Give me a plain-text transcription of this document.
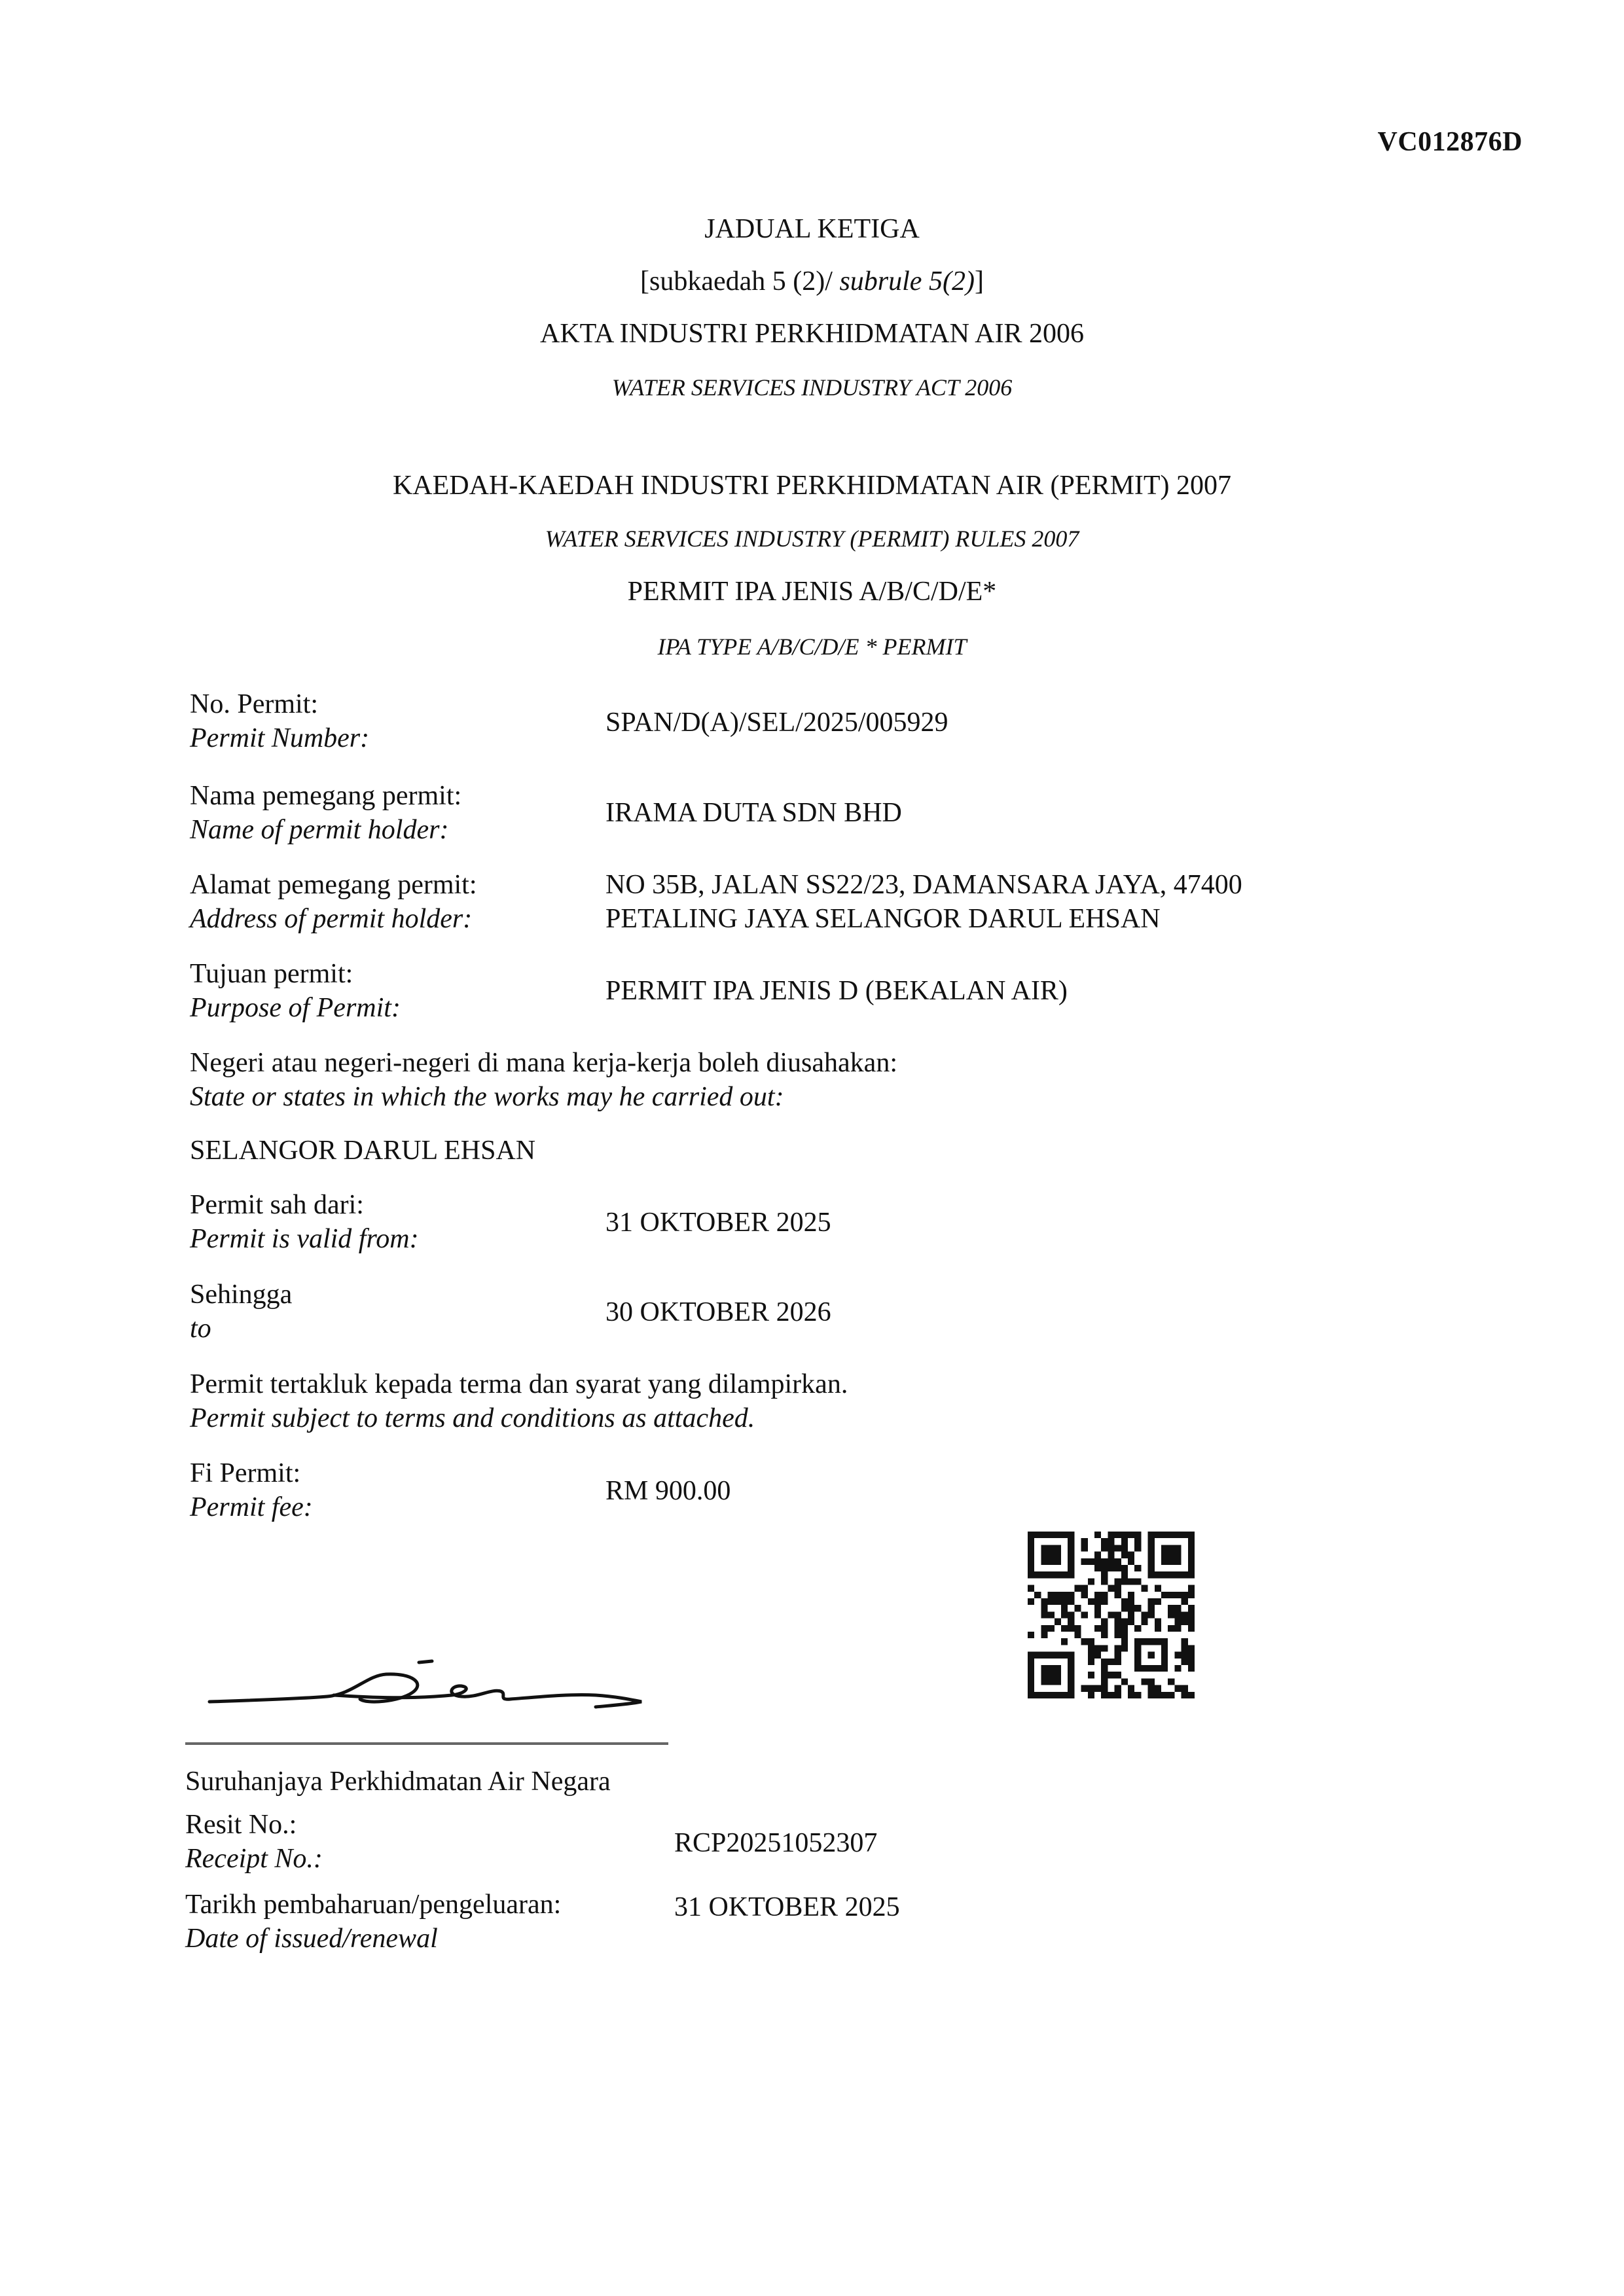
VC012876D
JADUAL KETIGA
[subkaedah 5 (2)/ subrule 5(2)]
AKTA INDUSTRI PERKHIDMATAN AIR 2006
WATER SERVICES INDUSTRY ACT 2006
KAEDAH-KAEDAH INDUSTRI PERKHIDMATAN AIR (PERMIT) 2007
WATER SERVICES INDUSTRY (PERMIT) RULES 2007
PERMIT IPA JENIS A/B/C/D/E*
IPA TYPE A/B/C/D/E * PERMIT
No. Permit:
Permit Number:
SPAN/D(A)/SEL/2025/005929
Nama pemegang permit:
Name of permit holder:
IRAMA DUTA SDN BHD
Alamat pemegang permit:
Address of permit holder:
NO 35B, JALAN SS22/23, DAMANSARA JAYA, 47400
PETALING JAYA SELANGOR DARUL EHSAN
Tujuan permit:
Purpose of Permit:
PERMIT IPA JENIS D (BEKALAN AIR)
Negeri atau negeri-negeri di mana kerja-kerja boleh diusahakan:
State or states in which the works may he carried out:
SELANGOR DARUL EHSAN
Permit sah dari:
Permit is valid from:
31 OKTOBER 2025
Sehingga
to
30 OKTOBER 2026
Permit tertakluk kepada terma dan syarat yang dilampirkan.
Permit subject to terms and conditions as attached.
Fi Permit:
Permit fee:
RM 900.00
Suruhanjaya Perkhidmatan Air Negara
Resit No.:
Receipt No.:
RCP20251052307
Tarikh pembaharuan/pengeluaran:
Date of issued/renewal
31 OKTOBER 2025
